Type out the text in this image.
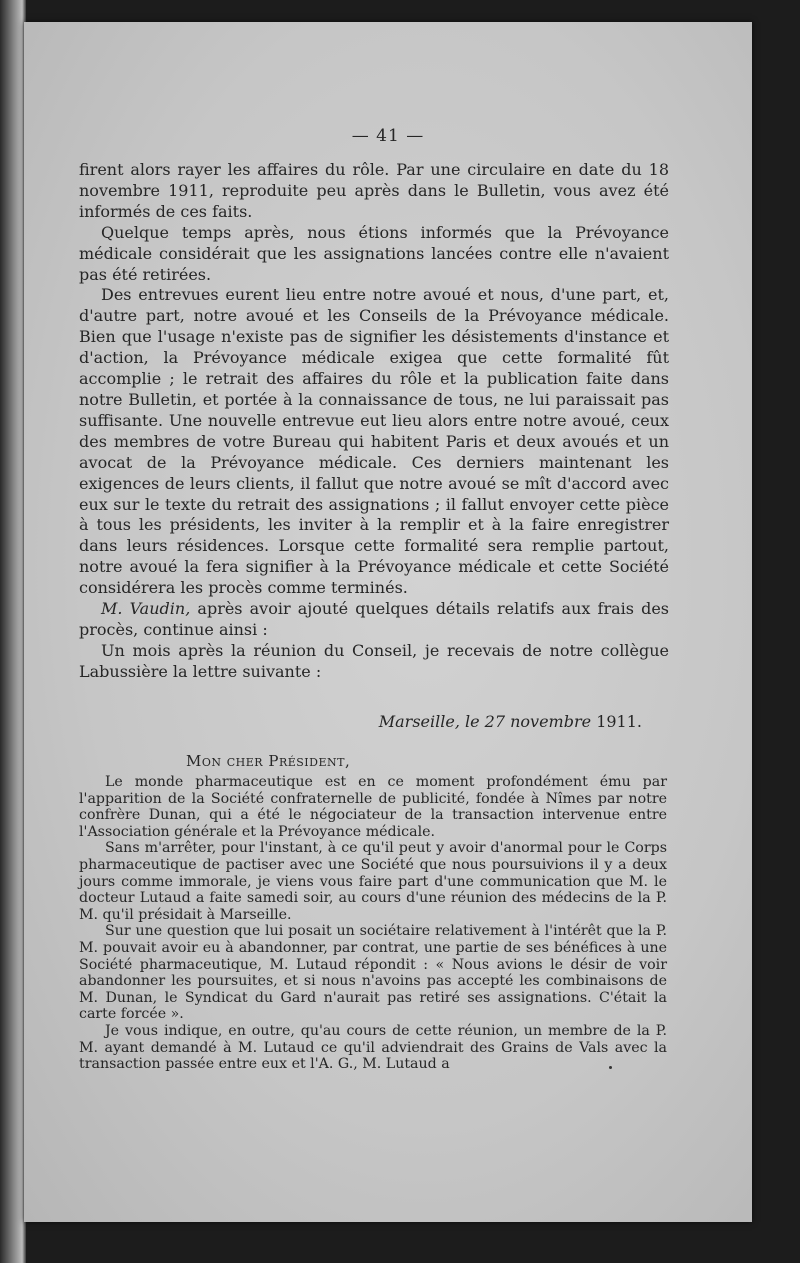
— 41 —

firent alors rayer les affaires du rôle. Par une circulaire en date du 18 novembre 1911, reproduite peu après dans le Bulletin, vous avez été informés de ces faits.

Quelque temps après, nous étions informés que la Prévoyance médicale considérait que les assignations lancées contre elle n'avaient pas été retirées.

Des entrevues eurent lieu entre notre avoué et nous, d'une part, et, d'autre part, notre avoué et les Conseils de la Prévoyance médicale. Bien que l'usage n'existe pas de signifier les désistements d'instance et d'action, la Prévoyance médicale exigea que cette formalité fût accomplie ; le retrait des affaires du rôle et la publication faite dans notre Bulletin, et portée à la connaissance de tous, ne lui paraissait pas suffisante. Une nouvelle entrevue eut lieu alors entre notre avoué, ceux des membres de votre Bureau qui habitent Paris et deux avoués et un avocat de la Prévoyance médicale. Ces derniers maintenant les exigences de leurs clients, il fallut que notre avoué se mît d'accord avec eux sur le texte du retrait des assignations ; il fallut envoyer cette pièce à tous les présidents, les inviter à la remplir et à la faire enregistrer dans leurs résidences. Lorsque cette formalité sera remplie partout, notre avoué la fera signifier à la Prévoyance médicale et cette Société considérera les procès comme terminés.

M. Vaudin, après avoir ajouté quelques détails relatifs aux frais des procès, continue ainsi :

Un mois après la réunion du Conseil, je recevais de notre collègue Labussière la lettre suivante :

Marseille, le 27 novembre 1911.
Mon cher Président,

Le monde pharmaceutique est en ce moment profondément ému par l'apparition de la Société confraternelle de publicité, fondée à Nîmes par notre confrère Dunan, qui a été le négociateur de la transaction intervenue entre l'Association générale et la Prévoyance médicale.

Sans m'arrêter, pour l'instant, à ce qu'il peut y avoir d'anormal pour le Corps pharmaceutique de pactiser avec une Société que nous poursuivions il y a deux jours comme immorale, je viens vous faire part d'une communication que M. le docteur Lutaud a faite samedi soir, au cours d'une réunion des médecins de la P. M. qu'il présidait à Marseille.

Sur une question que lui posait un sociétaire relativement à l'intérêt que la P. M. pouvait avoir eu à abandonner, par contrat, une partie de ses bénéfices à une Société pharmaceutique, M. Lutaud répondit : « Nous avions le désir de voir abandonner les poursuites, et si nous n'avoins pas accepté les combinaisons de M. Dunan, le Syndicat du Gard n'aurait pas retiré ses assignations. C'était la carte forcée ».

Je vous indique, en outre, qu'au cours de cette réunion, un membre de la P. M. ayant demandé à M. Lutaud ce qu'il adviendrait des Grains de Vals avec la transaction passée entre eux et l'A. G., M. Lutaud a
